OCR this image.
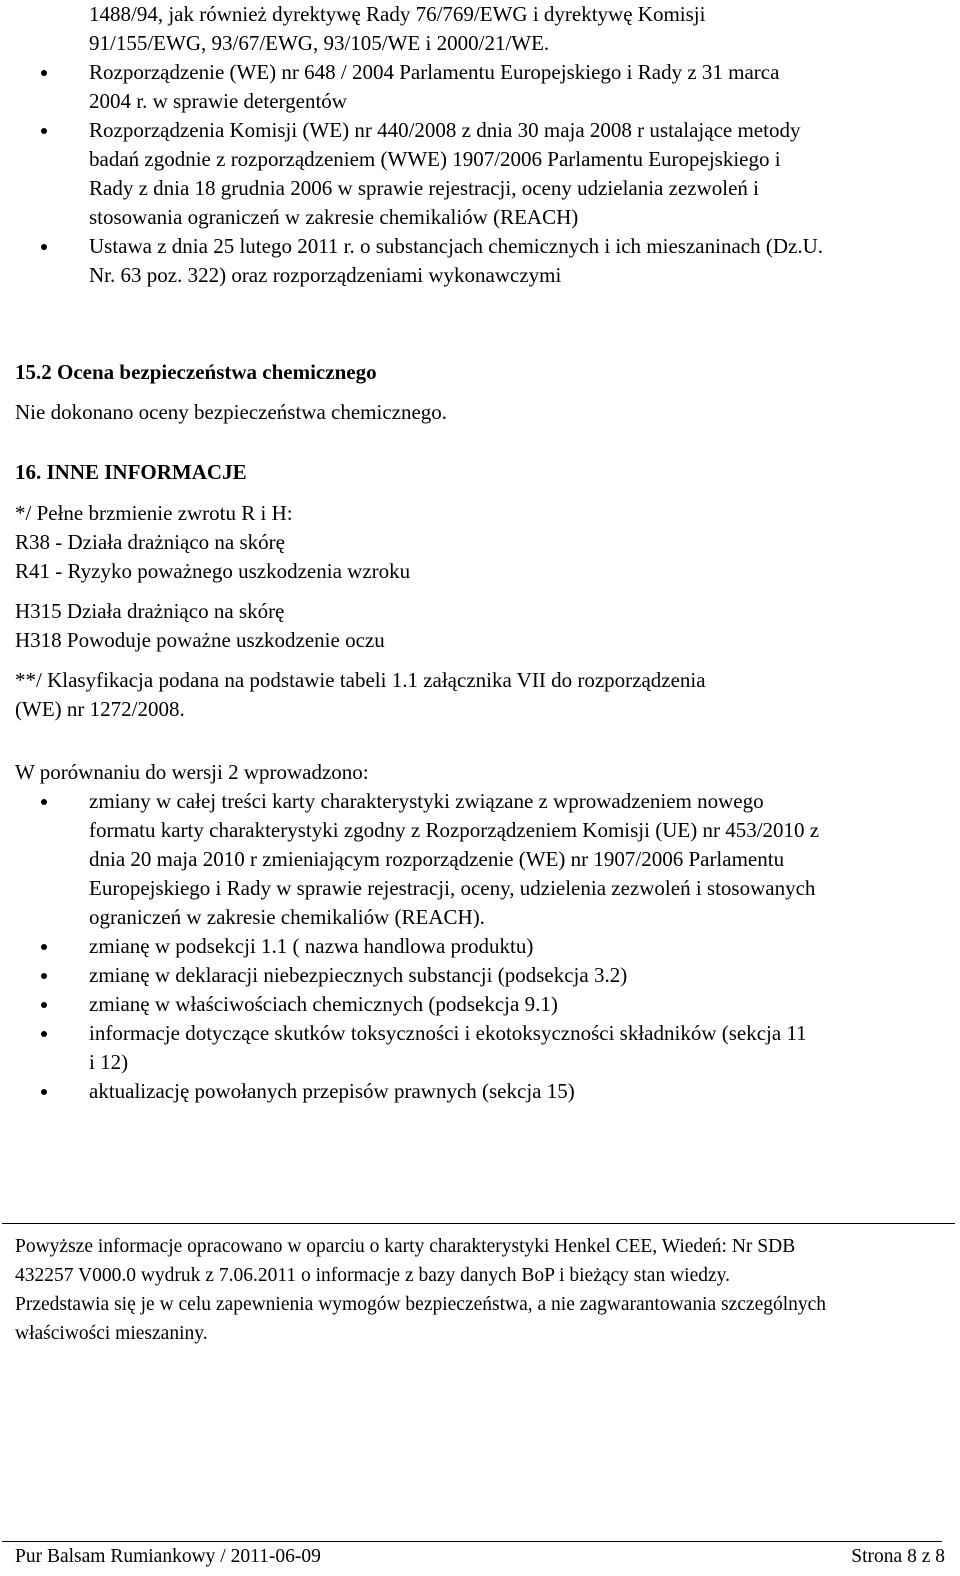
1488/94, jak również dyrektywę Rady 76/769/EWG i dyrektywę Komisji

91/155/EWG, 93/67/EWG, 93/105/WE i 2000/21/WE.

Rozporządzenie (WE) nr 648 / 2004 Parlamentu Europejskiego i Rady z 31 marca

2004 r. w sprawie detergentów

Rozporządzenia Komisji (WE) nr 440/2008 z dnia 30 maja 2008 r ustalające metody

badań zgodnie z rozporządzeniem (WWE) 1907/2006 Parlamentu Europejskiego i

Rady z dnia 18 grudnia 2006 w sprawie rejestracji, oceny udzielania zezwoleń i

stosowania ograniczeń w zakresie chemikaliów (REACH)

Ustawa z dnia 25 lutego 2011 r. o substancjach chemicznych i ich mieszaninach (Dz.U.

Nr. 63 poz. 322) oraz rozporządzeniami wykonawczymi

15.2 Ocena bezpieczeństwa chemicznego
Nie dokonano oceny bezpieczeństwa chemicznego.
16. INNE INFORMACJE
*/ Pełne brzmienie zwrotu R i H:
R38 - Działa drażniąco na skórę
R41 - Ryzyko poważnego uszkodzenia wzroku
H315 Działa drażniąco na skórę
H318 Powoduje poważne uszkodzenie oczu
**/ Klasyfikacja podana na podstawie tabeli 1.1 załącznika VII do rozporządzenia
(WE) nr 1272/2008.
W porównaniu do wersji 2 wprowadzono:

zmiany w całej treści karty charakterystyki związane z wprowadzeniem nowego

formatu karty charakterystyki zgodny z Rozporządzeniem Komisji (UE) nr 453/2010 z

dnia 20 maja 2010 r zmieniającym rozporządzenie (WE) nr 1907/2006 Parlamentu

Europejskiego i Rady w sprawie rejestracji, oceny, udzielenia zezwoleń i stosowanych

ograniczeń w zakresie chemikaliów (REACH).

zmianę w podsekcji 1.1 ( nazwa handlowa produktu)

zmianę w deklaracji niebezpiecznych substancji (podsekcja 3.2)

zmianę w właściwościach chemicznych (podsekcja 9.1)

informacje dotyczące skutków toksyczności i ekotoksyczności składników (sekcja 11

i 12)

aktualizację powołanych przepisów prawnych (sekcja 15)

Powyższe informacje opracowano w oparciu o karty charakterystyki Henkel CEE, Wiedeń: Nr SDB

432257 V000.0 wydruk z 7.06.2011 o informacje z bazy danych BoP i bieżący stan wiedzy.

Przedstawia się je w celu zapewnienia wymogów bezpieczeństwa, a nie zagwarantowania szczególnych

właściwości mieszaniny.

Pur Balsam Rumiankowy / 2011-06-09	Strona 8 z 8
